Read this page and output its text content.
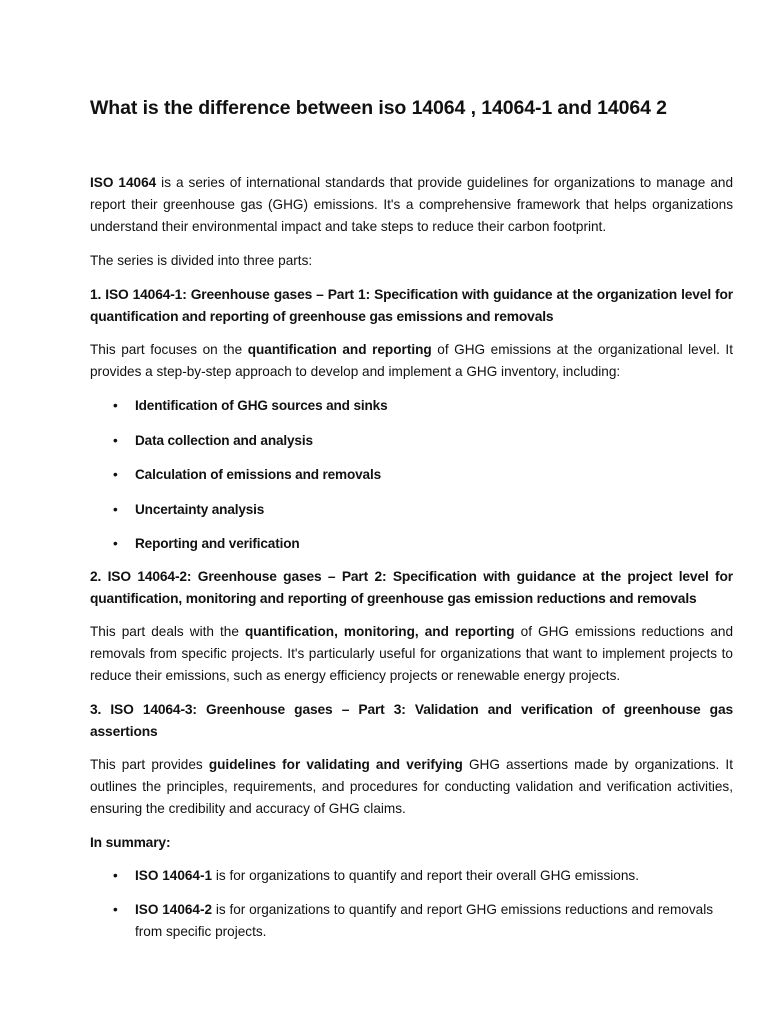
What is the difference between iso 14064 , 14064-1 and 14064 2

ISO 14064 is a series of international standards that provide guidelines for organizations to manage and report their greenhouse gas (GHG) emissions. It's a comprehensive framework that helps organizations understand their environmental impact and take steps to reduce their carbon footprint.

The series is divided into three parts:

1. ISO 14064-1: Greenhouse gases – Part 1: Specification with guidance at the organization level for quantification and reporting of greenhouse gas emissions and removals

This part focuses on the quantification and reporting of GHG emissions at the organizational level. It provides a step-by-step approach to develop and implement a GHG inventory, including:

• Identification of GHG sources and sinks
• Data collection and analysis
• Calculation of emissions and removals
• Uncertainty analysis
• Reporting and verification

2. ISO 14064-2: Greenhouse gases – Part 2: Specification with guidance at the project level for quantification, monitoring and reporting of greenhouse gas emission reductions and removals

This part deals with the quantification, monitoring, and reporting of GHG emissions reductions and removals from specific projects. It's particularly useful for organizations that want to implement projects to reduce their emissions, such as energy efficiency projects or renewable energy projects.

3. ISO 14064-3: Greenhouse gases – Part 3: Validation and verification of greenhouse gas assertions

This part provides guidelines for validating and verifying GHG assertions made by organizations. It outlines the principles, requirements, and procedures for conducting validation and verification activities, ensuring the credibility and accuracy of GHG claims.

In summary:

• ISO 14064-1 is for organizations to quantify and report their overall GHG emissions.
• ISO 14064-2 is for organizations to quantify and report GHG emissions reductions and removals from specific projects.
